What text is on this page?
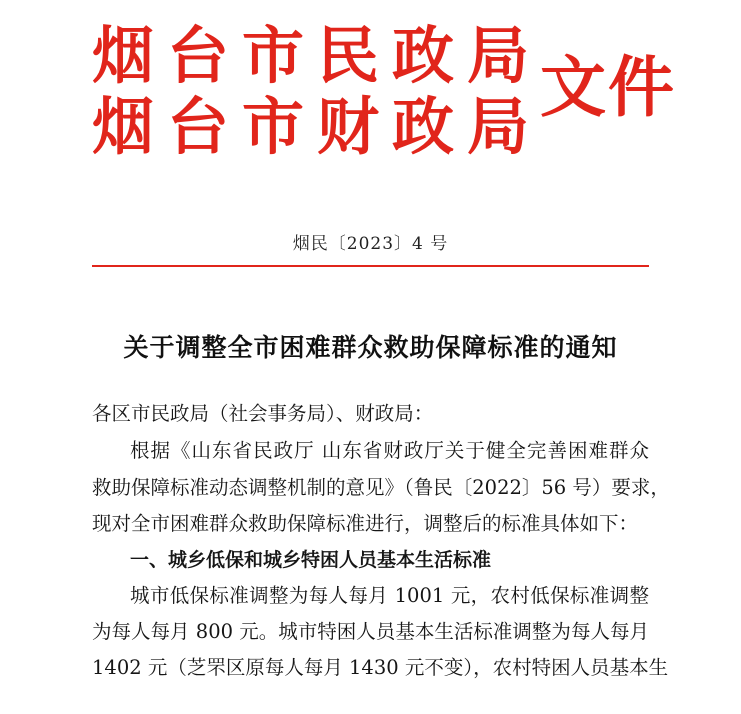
烟台市民政局
烟台市财政局
文件
烟民〔2023〕4 号
关于调整全市困难群众救助保障标准的通知
各区市民政局（社会事务局）、财政局：
根据《山东省民政厅 山东省财政厅关于健全完善困难群众
救助保障标准动态调整机制的意见》（鲁民〔2022〕56 号）要求，
现对全市困难群众救助保障标准进行，调整后的标准具体如下：
一、城乡低保和城乡特困人员基本生活标准
城市低保标准调整为每人每月 1001 元，农村低保标准调整
为每人每月 800 元。城市特困人员基本生活标准调整为每人每月
1402 元（芝罘区原每人每月 1430 元不变），农村特困人员基本生
